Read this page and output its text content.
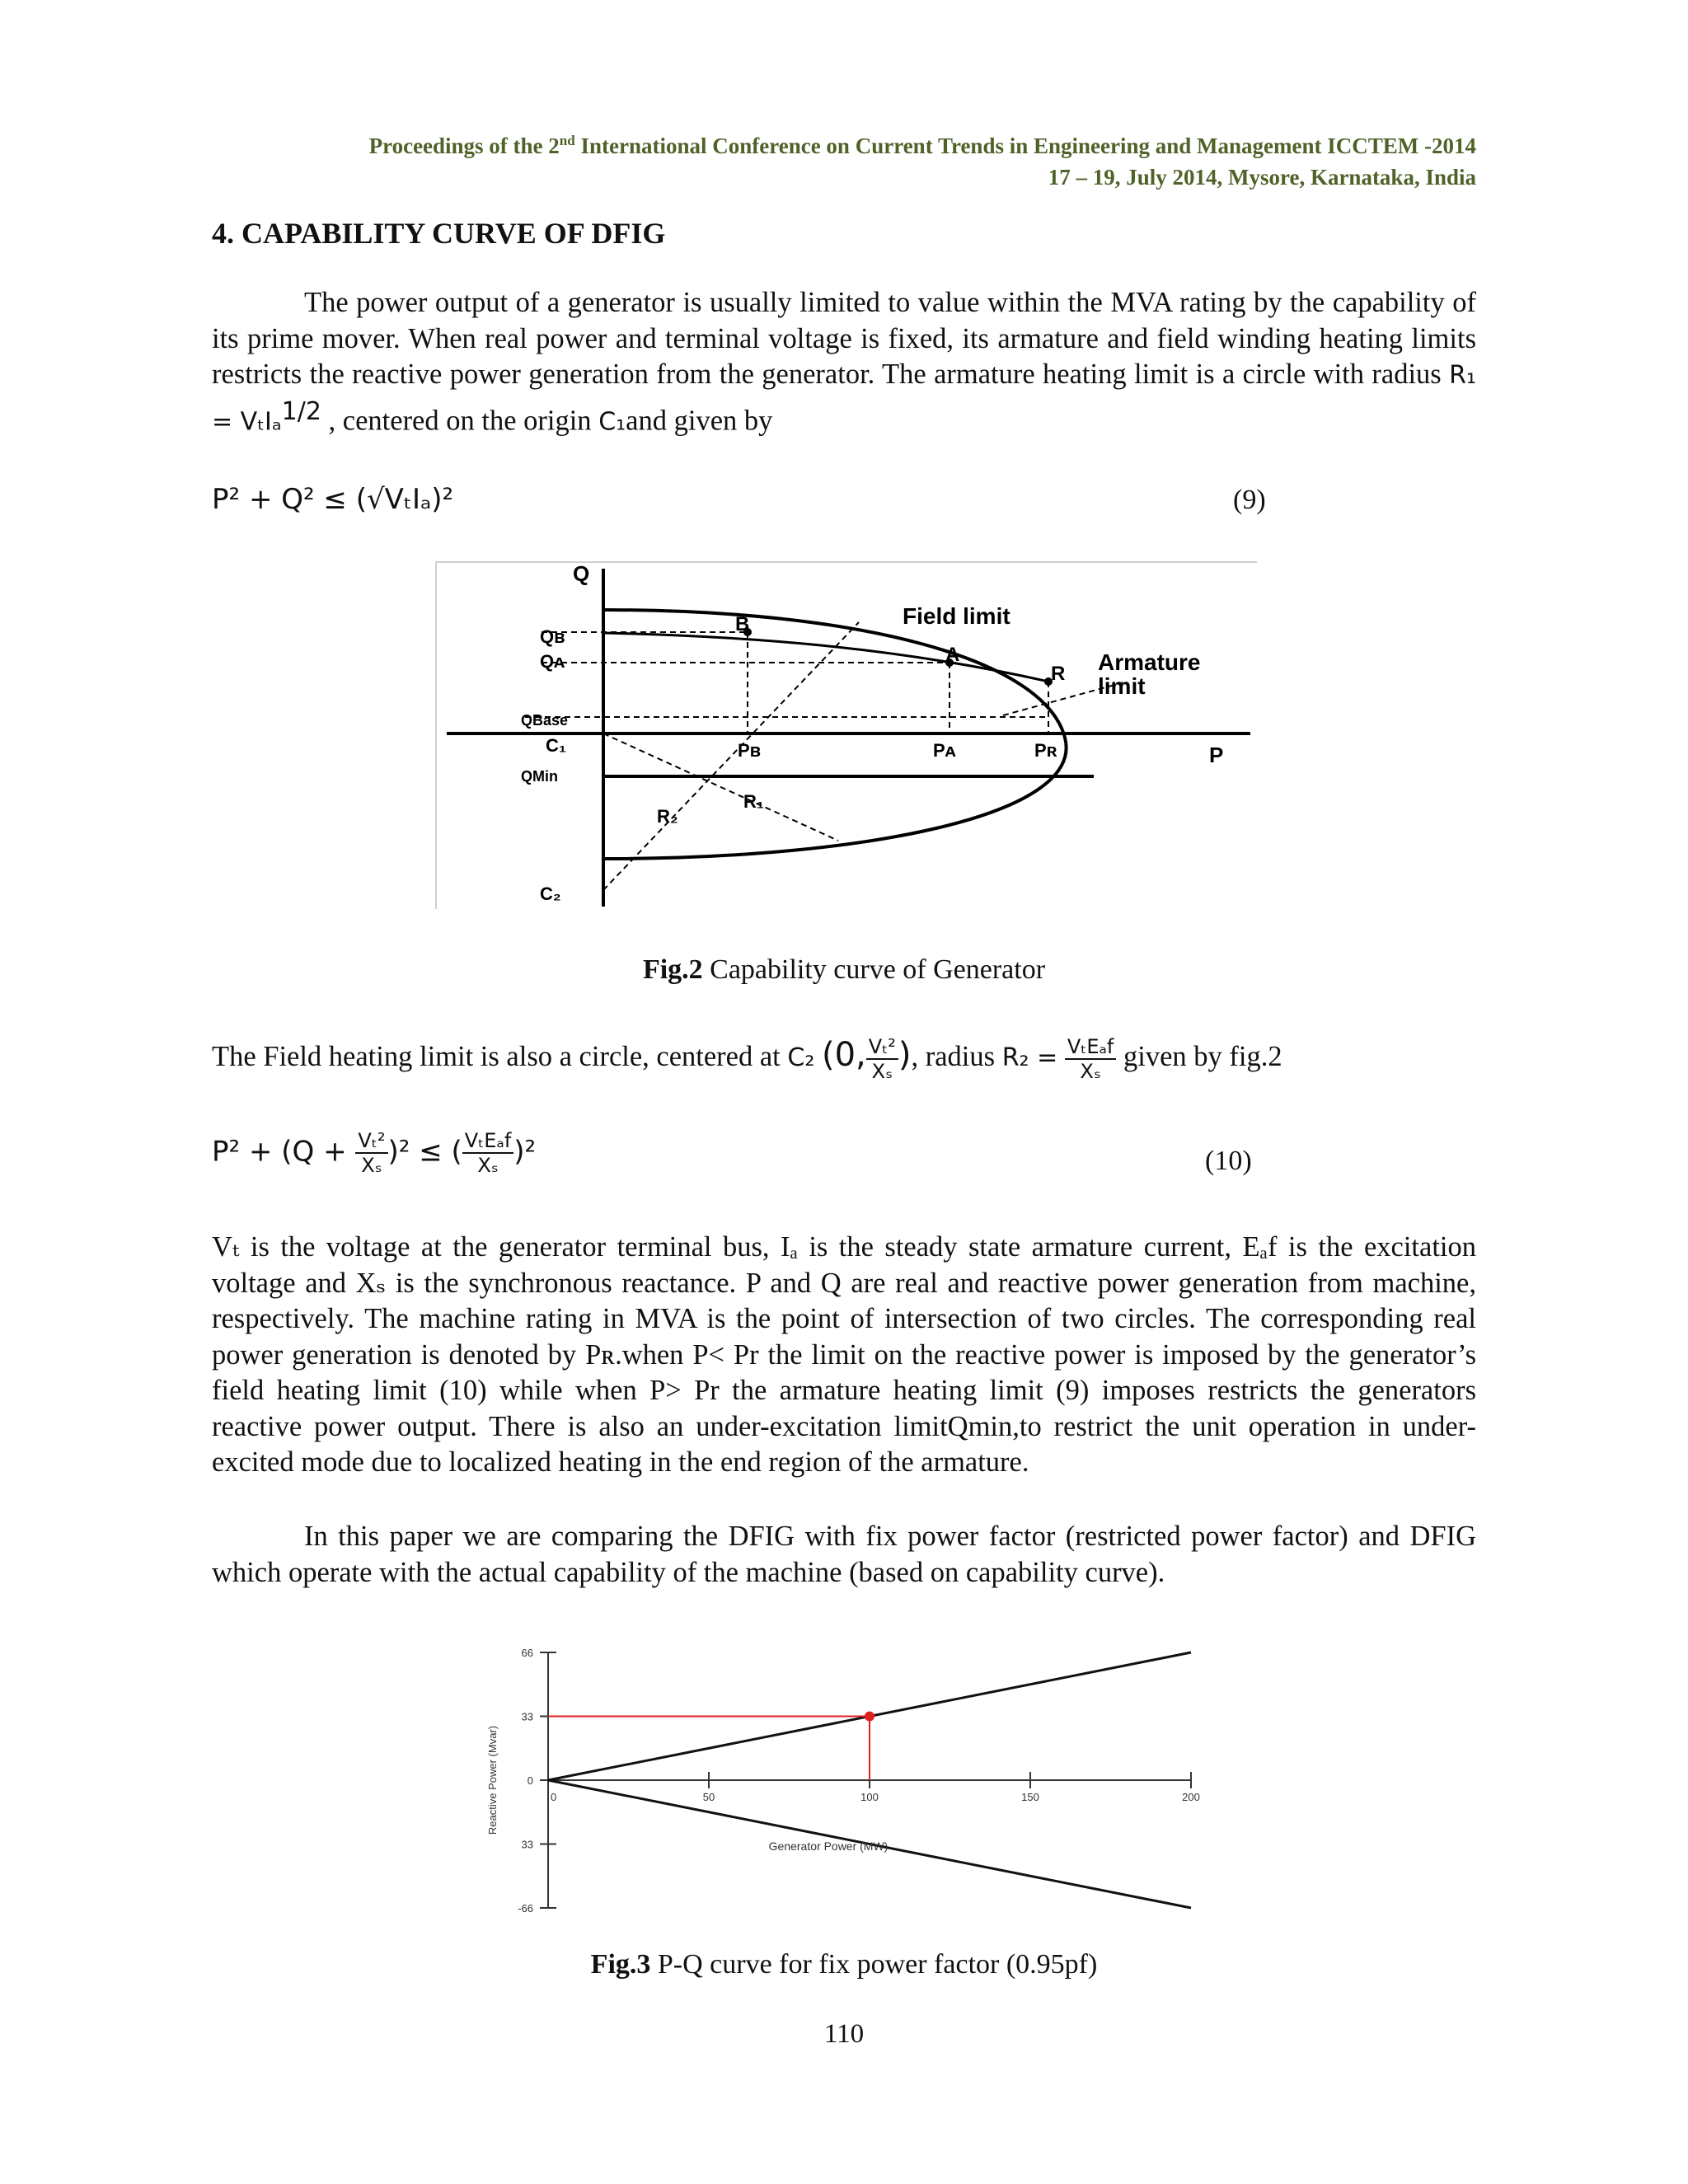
Proceedings of the 2nd International Conference on Current Trends in Engineering and Management ICCTEM -2014
17 – 19, July 2014, Mysore, Karnataka, India
4. CAPABILITY CURVE OF DFIG

The power output of a generator is usually limited to value within the MVA rating by the capability of its prime mover. When real power and terminal voltage is fixed, its armature and field winding heating limits restricts the reactive power generation from the generator. The armature heating limit is a circle with radius R₁ = VₜIₐ$^{1/2}$ , centered on the origin C₁and given by

P² + Q² ≤ (√VₜIₐ)²	(9)
Q
P
Qʙ
Qᴀ
QBase
C₁
QMin
C₂
B
A
R
Pʙ	Pᴀ	Pʀ
R₁
R₂
Field limit
Armature
limit
Fig.2 Capability curve of Generator
The Field heating limit is also a circle, centered at C₂ (0, $\frac{\text{Vₜ²}}{\text{Xₛ}}$ ), radius $R_2 = \frac{\text{VₜEₐf}}{\text{Xₛ}}$ given by fig.2
$P^2 + (Q + \frac{\text{Vₜ²}}{\text{Xₛ}} )^2$ ≤ ( $\frac{\text{VₜEₐf}}{\text{Xₛ}} )^2$	(10)

Vₜ is the voltage at the generator terminal bus, Iₐ is the steady state armature current, Eₐf is the excitation voltage and Xₛ is the synchronous reactance. P and Q are real and reactive power generation from machine, respectively. The machine rating in MVA is the point of intersection of two circles. The corresponding real power generation is denoted by Pʀ.when P< Pr the limit on the reactive power is imposed by the generator’s field heating limit (10) while when P> Pr the armature heating limit (9) imposes restricts the generators reactive power output. There is also an under-excitation limitQmin,to restrict the unit operation in under-excited mode due to localized heating in the end region of the armature.

In this paper we are comparing the DFIG with fix power factor (restricted power factor) and DFIG which operate with the actual capability of the machine (based on capability curve).

66
33
0
33
-66
0	50	100	150	200
Generator Power (MW)
Reactive Power (Mvar)
Fig.3 P-Q curve for fix power factor (0.95pf)
110
